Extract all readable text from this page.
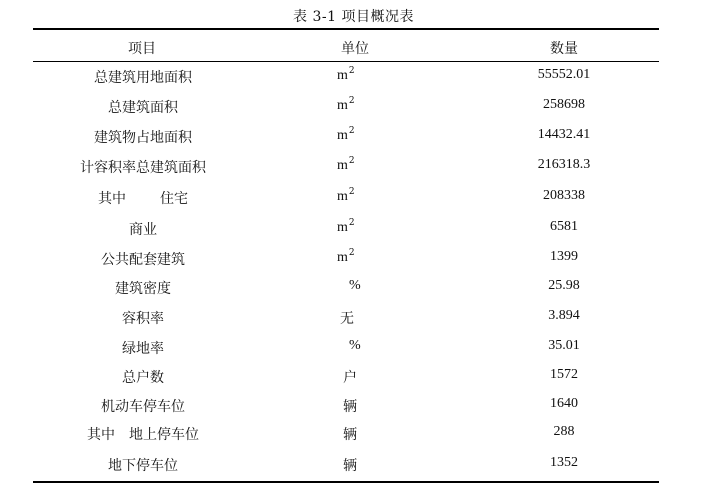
表 3-1 项目概况表
项目	单位	数量
总建筑用地面积	$m^2$	55552.01
总建筑面积	$m^2$	258698
建筑物占地面积	$m^2$	14432.41
计容积率总建筑面积	$m^2$	216318.3
其中 住宅	$m^2$	208338
商业	$m^2$	6581
公共配套建筑	$m^2$	1399
建筑密度	%	25.98
容积率	无	3.894
绿地率	%	35.01
总户数	户	1572
机动车停车位	辆	1640
其中 地上停车位	辆	288
地下停车位	辆	1352
